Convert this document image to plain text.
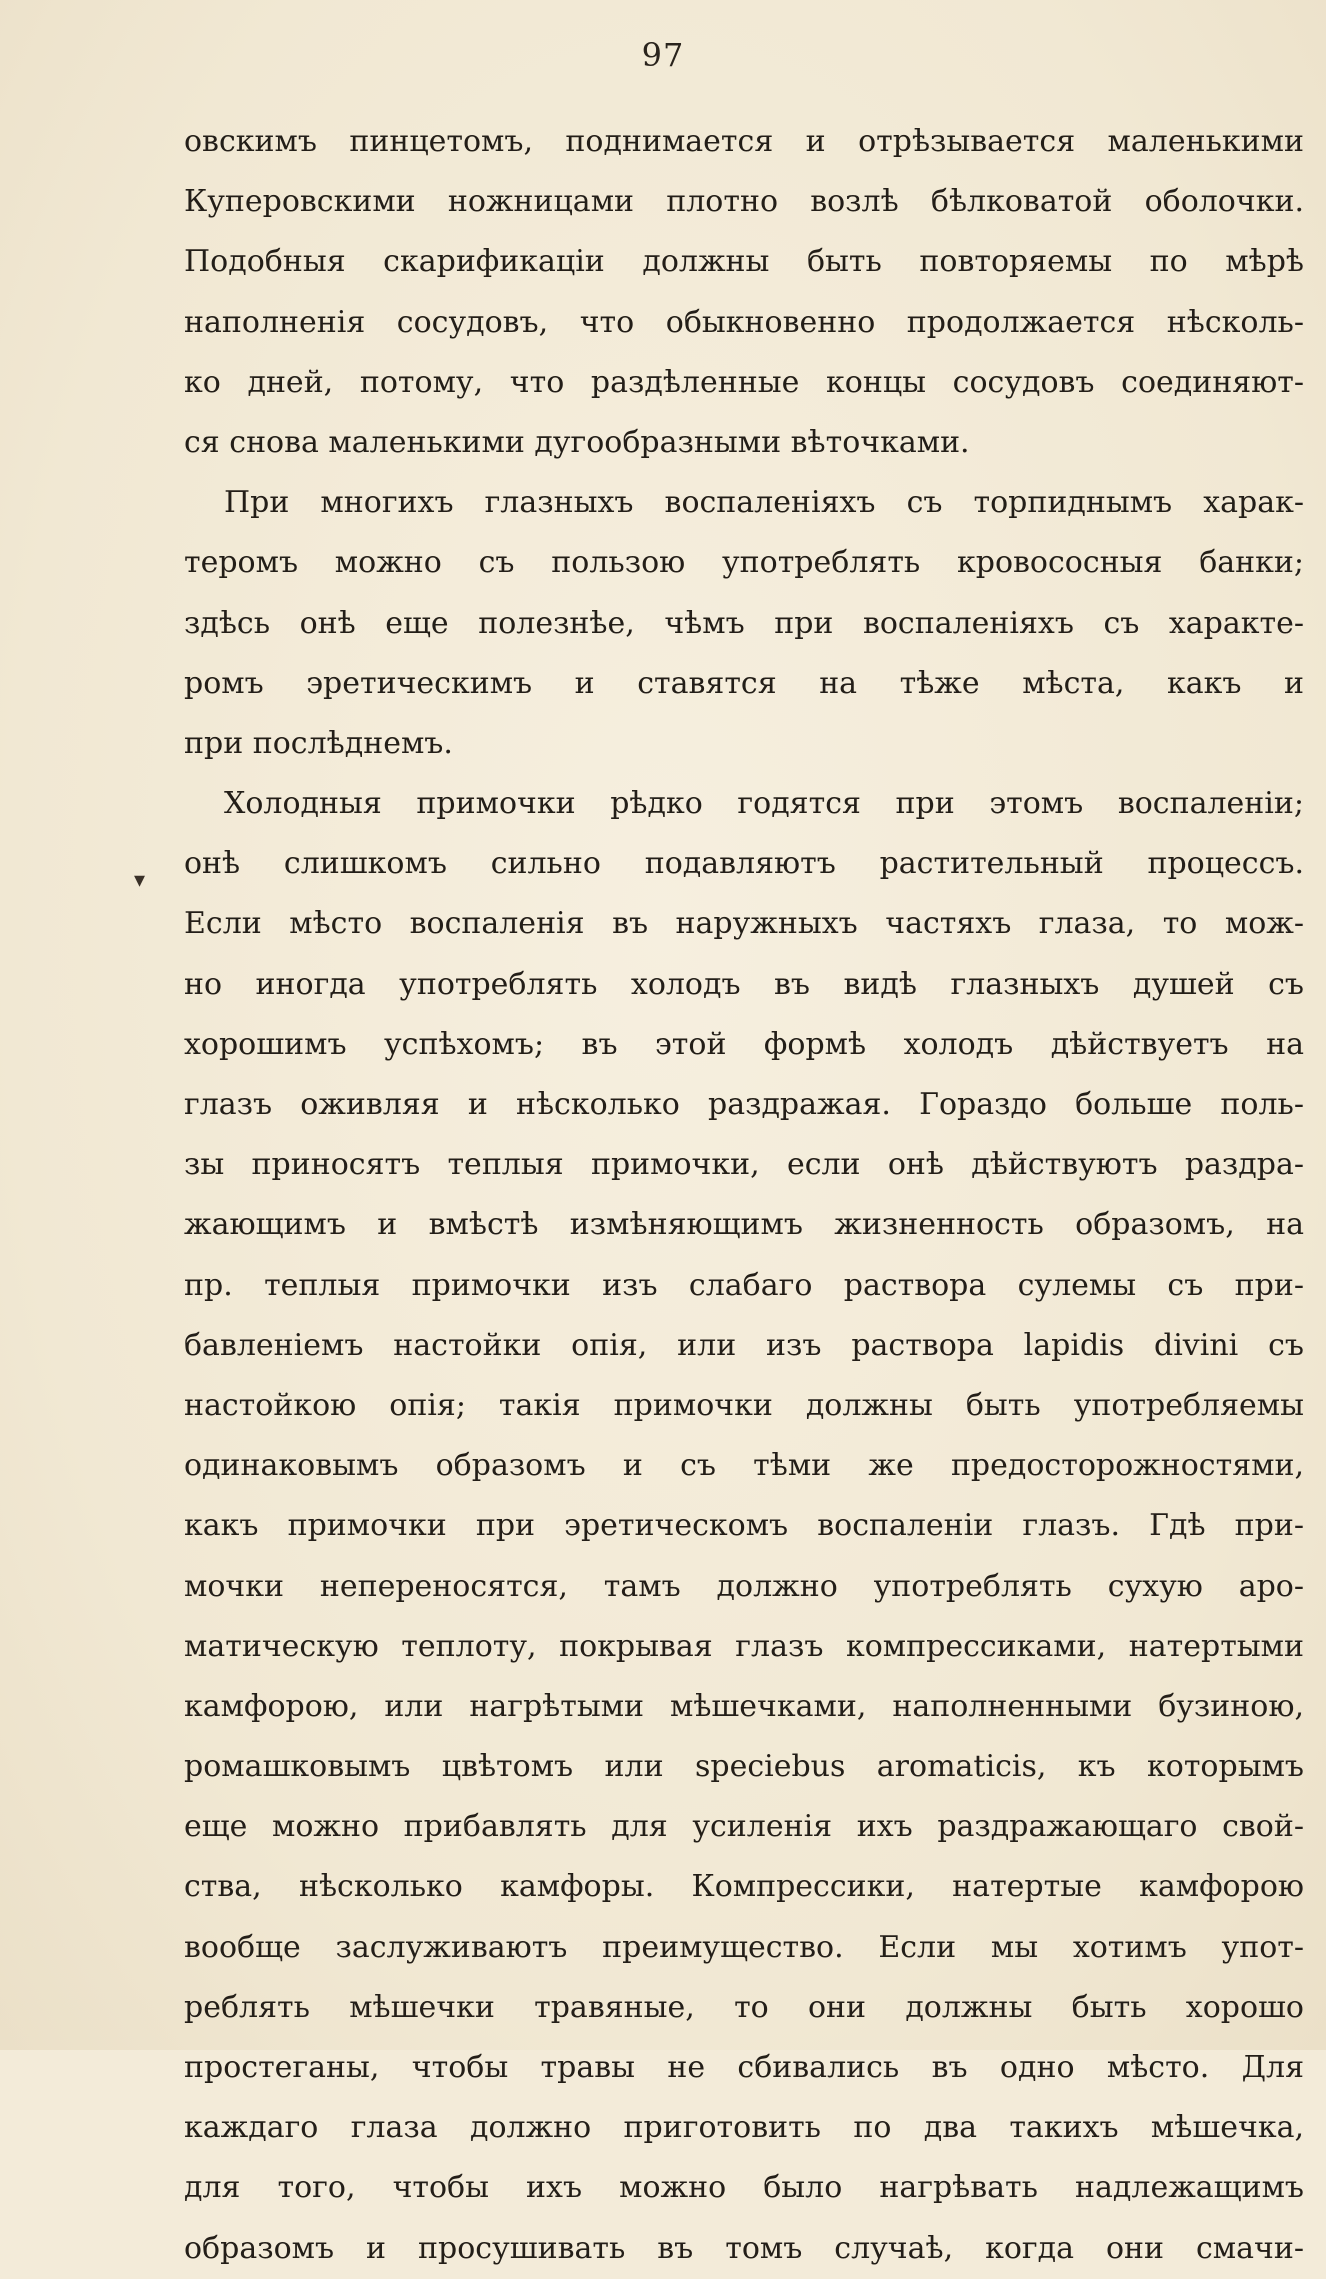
97
▾
овскимъ пинцетомъ, поднимается и отрѣзывается маленькими
Куперовскими ножницами плотно возлѣ бѣлковатой оболочки.
Подобныя скарификаціи должны быть повторяемы по мѣрѣ
наполненія сосудовъ, что обыкновенно продолжается нѣсколь-
ко дней, потому, что раздѣленные концы сосудовъ соединяют-
ся снова маленькими дугообразными вѣточками.
При многихъ глазныхъ воспаленіяхъ съ торпиднымъ харак-
теромъ можно съ пользою употреблять кровососныя банки;
здѣсь онѣ еще полезнѣе, чѣмъ при воспаленіяхъ съ характе-
ромъ эретическимъ и ставятся на тѣже мѣста, какъ и
при послѣднемъ.
Холодныя примочки рѣдко годятся при этомъ воспаленіи;
онѣ слишкомъ сильно подавляютъ растительный процессъ.
Если мѣсто воспаленія въ наружныхъ частяхъ глаза, то мож-
но иногда употреблять холодъ въ видѣ глазныхъ душей съ
хорошимъ успѣхомъ; въ этой формѣ холодъ дѣйствуетъ на
глазъ оживляя и нѣсколько раздражая. Гораздо больше поль-
зы приносятъ теплыя примочки, если онѣ дѣйствуютъ раздра-
жающимъ и вмѣстѣ измѣняющимъ жизненность образомъ, на
пр. теплыя примочки изъ слабаго раствора сулемы съ при-
бавленіемъ настойки опія, или изъ раствора lapidis divini съ
настойкою опія; такія примочки должны быть употребляемы
одинаковымъ образомъ и съ тѣми же предосторожностями,
какъ примочки при эретическомъ воспаленіи глазъ. Гдѣ при-
мочки непереносятся, тамъ должно употреблять сухую аро-
матическую теплоту, покрывая глазъ компрессиками, натертыми
камфорою, или нагрѣтыми мѣшечками, наполненными бузиною,
ромашковымъ цвѣтомъ или speciebus aromaticis, къ которымъ
еще можно прибавлять для усиленія ихъ раздражающаго свой-
ства, нѣсколько камфоры. Компрессики, натертые камфорою
вообще заслуживаютъ преимущество. Если мы хотимъ упот-
реблять мѣшечки травяные, то они должны быть хорошо
простеганы, чтобы травы не сбивались въ одно мѣсто. Для
каждаго глаза должно приготовить по два такихъ мѣшечка,
для того, чтобы ихъ можно было нагрѣвать надлежащимъ
образомъ и просушивать въ томъ случаѣ, когда они смачи-
